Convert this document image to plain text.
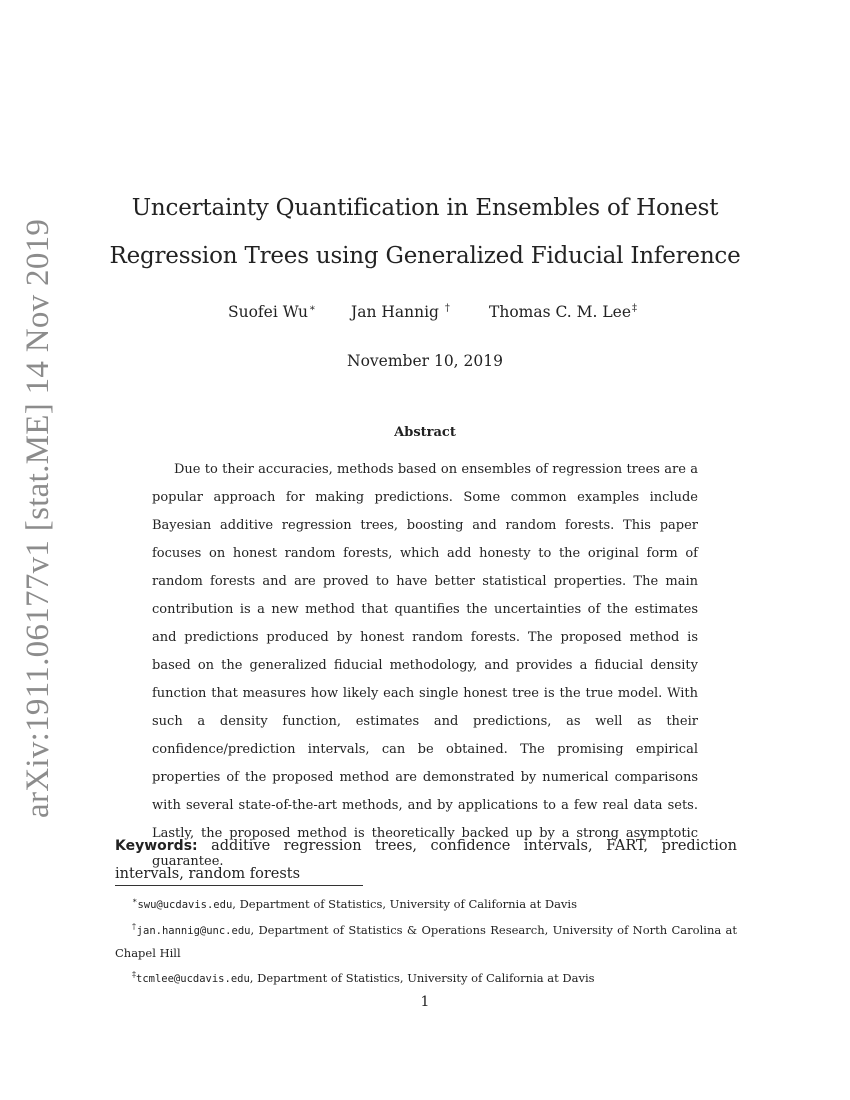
arXiv:1911.06177v1 [stat.ME] 14 Nov 2019
Uncertainty Quantification in Ensembles of Honest Regression Trees using Generalized Fiducial Inference
Suofei Wu∗ Jan Hannig †	Thomas C. M. Lee‡
November 10, 2019
Abstract

Due to their accuracies, methods based on ensembles of regression trees are a popular approach for making predictions. Some common examples include Bayesian additive regression trees, boosting and random forests. This paper focuses on honest random forests, which add honesty to the original form of random forests and are proved to have better statistical properties. The main contribution is a new method that quantifies the uncertainties of the estimates and predictions produced by honest random forests. The proposed method is based on the generalized fiducial methodology, and provides a fiducial density function that measures how likely each single honest tree is the true model. With such a density function, estimates and predictions, as well as their confidence/prediction intervals, can be obtained. The promising empirical properties of the proposed method are demonstrated by numerical comparisons with several state-of-the-art methods, and by applications to a few real data sets. Lastly, the proposed method is theoretically backed up by a strong asymptotic guarantee.

Keywords: additive regression trees, confidence intervals, FART, prediction intervals, random forests

∗swu@ucdavis.edu, Department of Statistics, University of California at Davis

†jan.hannig@unc.edu, Department of Statistics & Operations Research, University of North Carolina at Chapel Hill

‡tcmlee@ucdavis.edu, Department of Statistics, University of California at Davis

1
